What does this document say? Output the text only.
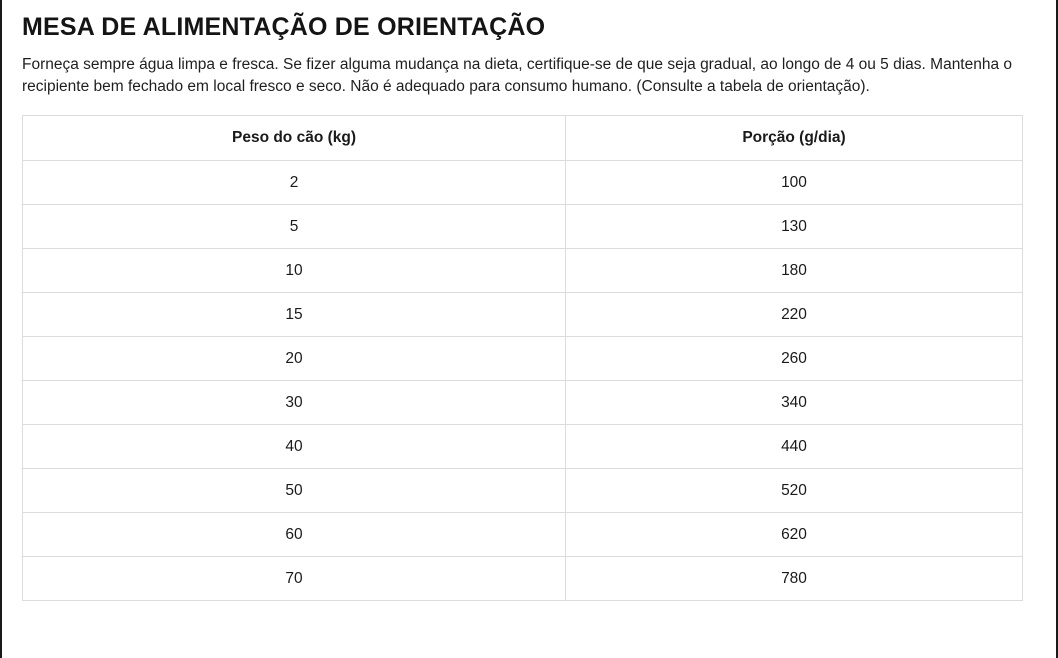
MESA DE ALIMENTAÇÃO DE ORIENTAÇÃO

Forneça sempre água limpa e fresca. Se fizer alguma mudança na dieta, certifique-se de que seja gradual, ao longo de 4 ou 5 dias. Mantenha o recipiente bem fechado em local fresco e seco. Não é adequado para consumo humano. (Consulte a tabela de orientação).

Peso do cão (kg)	Porção (g/dia)
2	100
5	130
10	180
15	220
20	260
30	340
40	440
50	520
60	620
70	780
